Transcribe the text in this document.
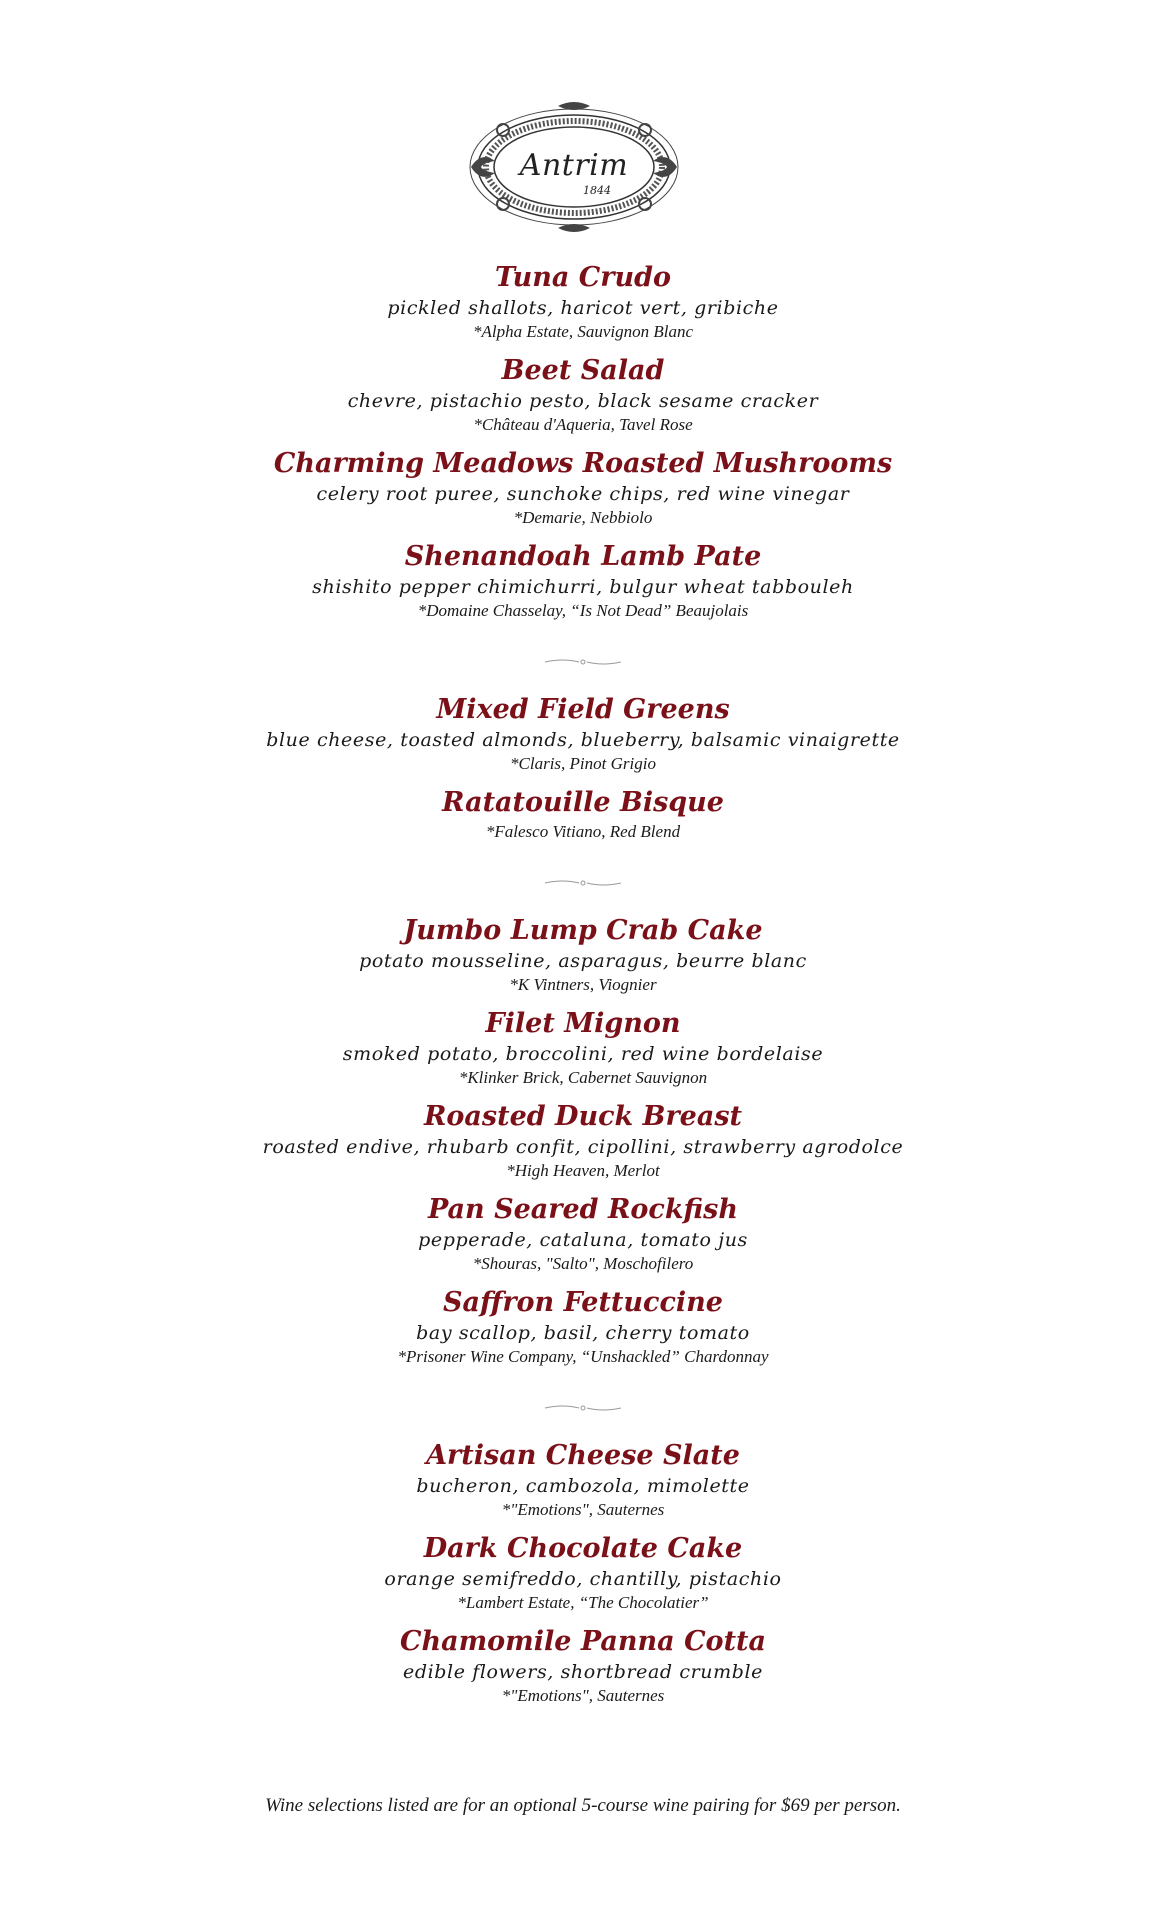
Antrim
1844

Tuna Crudo

pickled shallots, haricot vert, gribiche

*Alpha Estate, Sauvignon Blanc

Beet Salad

chevre, pistachio pesto, black sesame cracker

*Château d'Aqueria, Tavel Rose

Charming Meadows Roasted Mushrooms

celery root puree, sunchoke chips, red wine vinegar

*Demarie, Nebbiolo

Shenandoah Lamb Pate

shishito pepper chimichurri, bulgur wheat tabbouleh

*Domaine Chasselay, “Is Not Dead” Beaujolais

Mixed Field Greens

blue cheese, toasted almonds, blueberry, balsamic vinaigrette

*Claris, Pinot Grigio

Ratatouille Bisque

*Falesco Vitiano, Red Blend

Jumbo Lump Crab Cake

potato mousseline, asparagus, beurre blanc

*K Vintners, Viognier

Filet Mignon

smoked potato, broccolini, red wine bordelaise

*Klinker Brick, Cabernet Sauvignon

Roasted Duck Breast

roasted endive, rhubarb confit, cipollini, strawberry agrodolce

*High Heaven, Merlot

Pan Seared Rockfish

pepperade, cataluna, tomato jus

*Shouras, "Salto", Moschofilero

Saffron Fettuccine

bay scallop, basil, cherry tomato

*Prisoner Wine Company, “Unshackled” Chardonnay

Artisan Cheese Slate

bucheron, cambozola, mimolette

*"Emotions", Sauternes

Dark Chocolate Cake

orange semifreddo, chantilly, pistachio

*Lambert Estate, “The Chocolatier”

Chamomile Panna Cotta

edible flowers, shortbread crumble

*"Emotions", Sauternes

Wine selections listed are for an optional 5-course wine pairing for $69 per person.
